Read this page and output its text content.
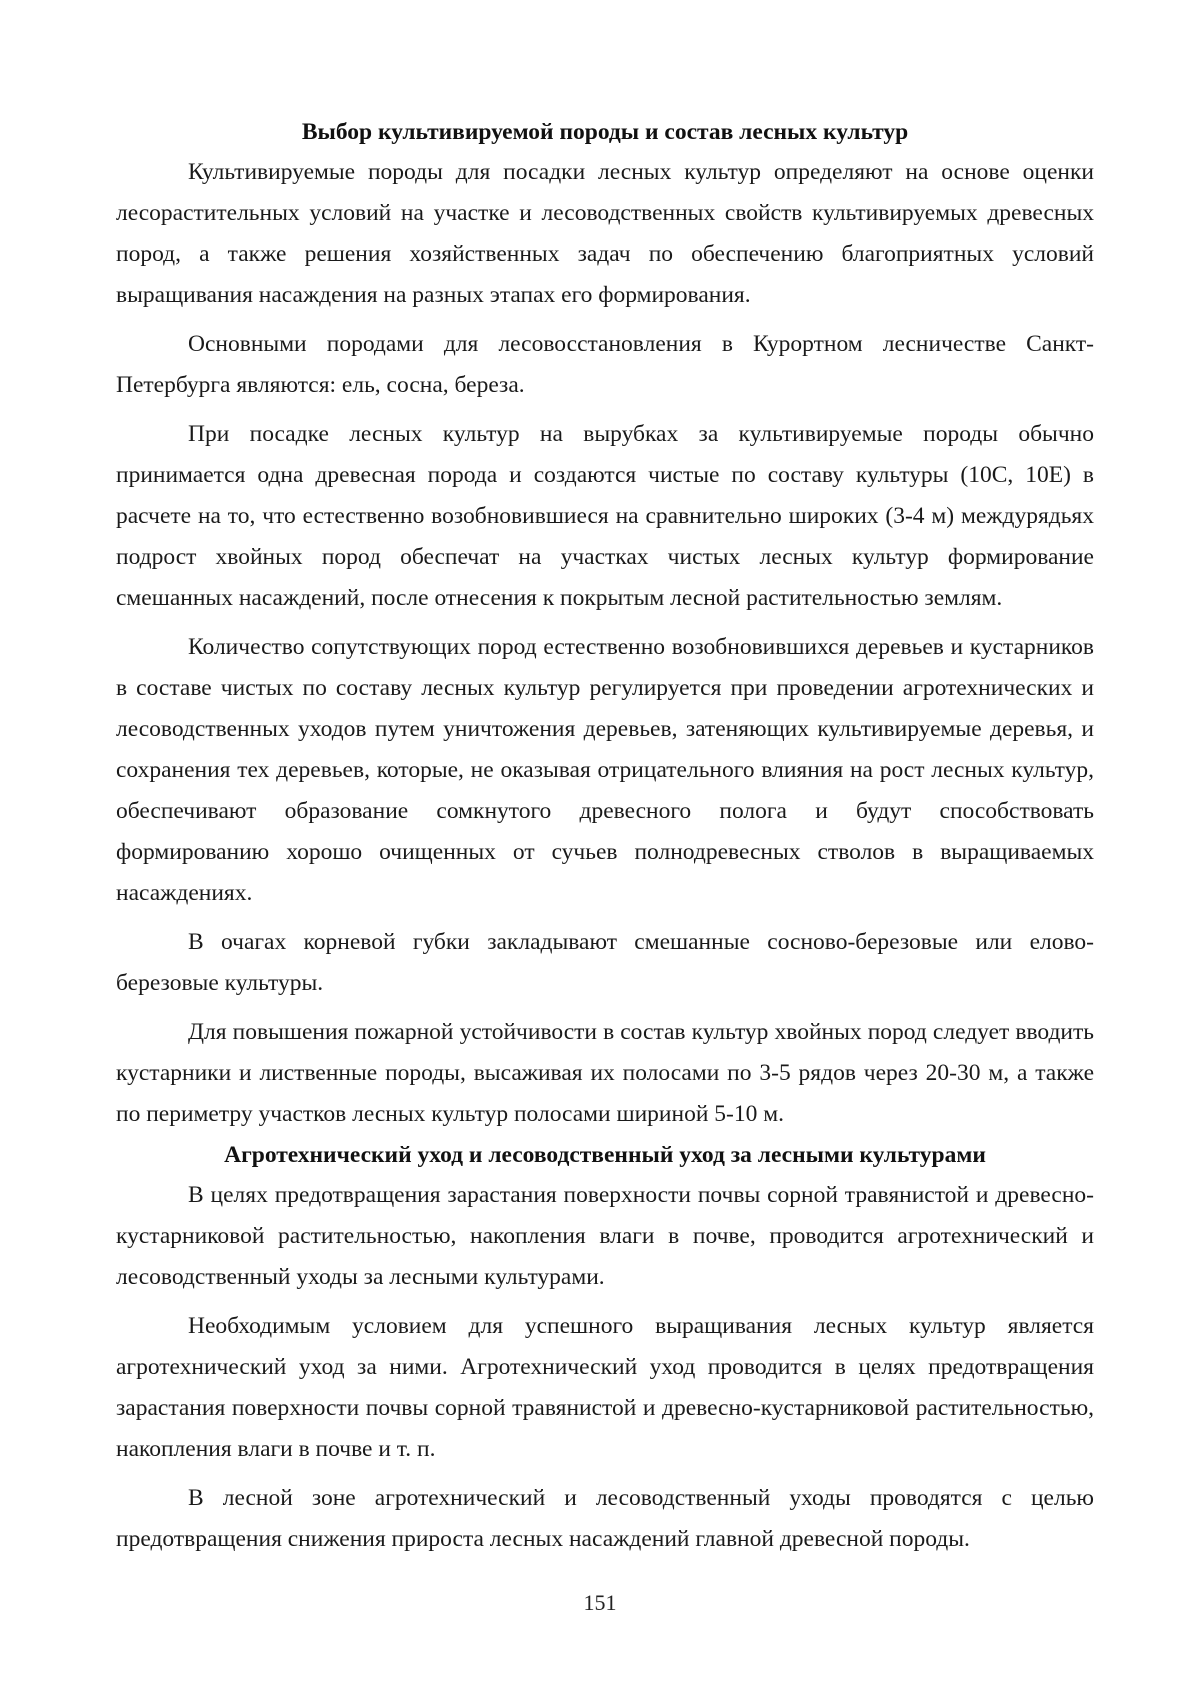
Выбор культивируемой породы и состав лесных культур

Культивируемые породы для посадки лесных культур определяют на основе оценки лесорастительных условий на участке и лесоводственных свойств культивируемых древесных пород, а также решения хозяйственных задач по обеспечению благоприятных условий выращивания насаждения на разных этапах его формирования.

Основными породами для лесовосстановления в Курортном лесничестве Санкт-Петербурга являются: ель, сосна, береза.

При посадке лесных культур на вырубках за культивируемые породы обычно принимается одна древесная порода и создаются чистые по составу культуры (10С, 10Е) в расчете на то, что естественно возобновившиеся на сравнительно широких (3-4 м) междурядьях подрост хвойных пород обеспечат на участках чистых лесных культур формирование смешанных насаждений, после отнесения к покрытым лесной растительностью землям.

Количество сопутствующих пород естественно возобновившихся деревьев и кустарников в составе чистых по составу лесных культур регулируется при проведении агротехнических и лесоводственных уходов путем уничтожения деревьев, затеняющих культивируемые деревья, и сохранения тех деревьев, которые, не оказывая отрицательного влияния на рост лесных культур, обеспечивают образование сомкнутого древесного полога и будут способствовать формированию хорошо очищенных от сучьев полнодревесных стволов в выращиваемых насаждениях.

В очагах корневой губки закладывают смешанные сосново-березовые или елово-березовые культуры.

Для повышения пожарной устойчивости в состав культур хвойных пород следует вводить кустарники и лиственные породы, высаживая их полосами по 3-5 рядов через 20-30 м, а также по периметру участков лесных культур полосами шириной 5-10 м.

Агротехнический уход и лесоводственный уход за лесными культурами

В целях предотвращения зарастания поверхности почвы сорной травянистой и древесно-кустарниковой растительностью, накопления влаги в почве, проводится агротехнический и лесоводственный уходы за лесными культурами.

Необходимым условием для успешного выращивания лесных культур является агротехнический уход за ними. Агротехнический уход проводится в целях предотвращения зарастания поверхности почвы сорной травянистой и древесно-кустарниковой растительностью, накопления влаги в почве и т. п.

В лесной зоне агротехнический и лесоводственный уходы проводятся с целью предотвращения снижения прироста лесных насаждений главной древесной породы.

151
